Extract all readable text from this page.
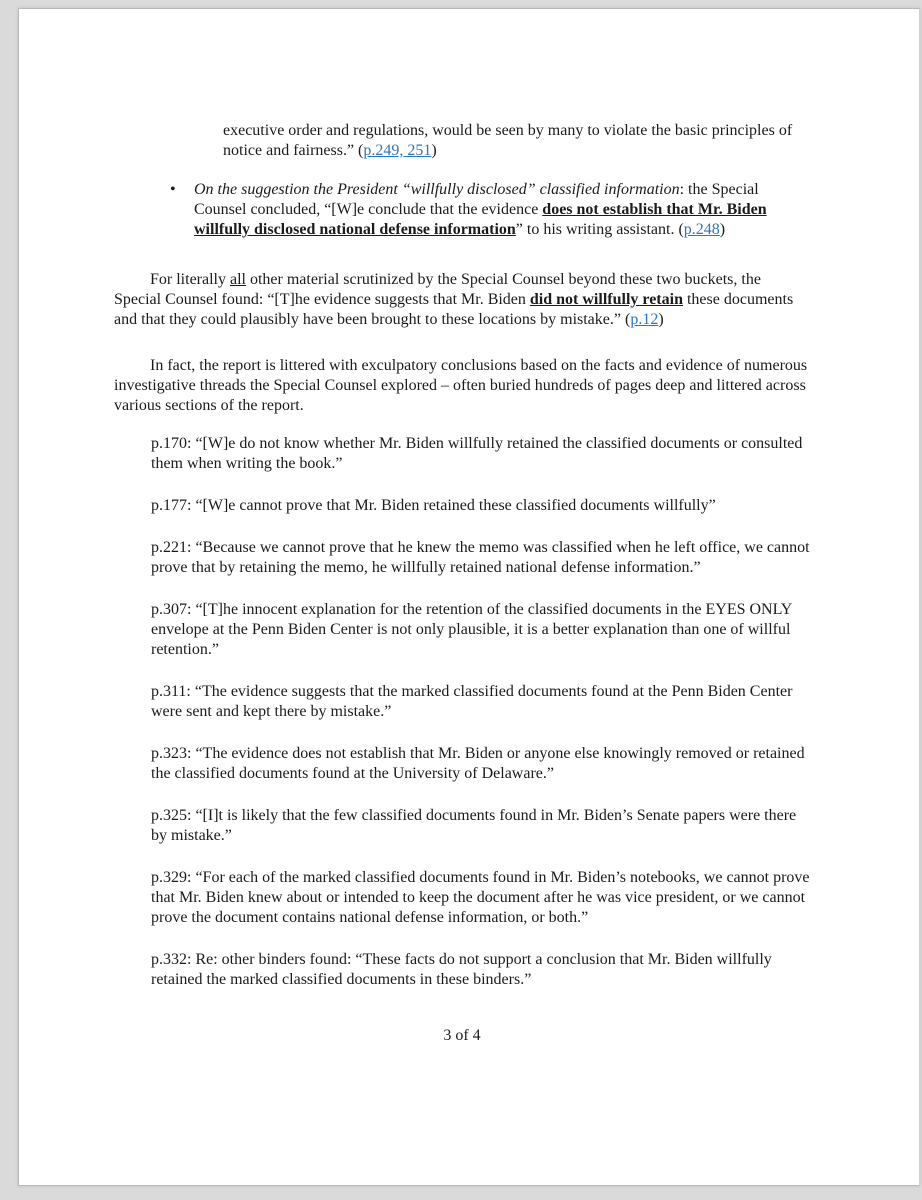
executive order and regulations, would be seen by many to violate the basic principles of notice and fairness.” (p.249, 251)

• On the suggestion the President “willfully disclosed” classified information: the Special Counsel concluded, “[W]e conclude that the evidence does not establish that Mr. Biden willfully disclosed national defense information” to his writing assistant. (p.248)

For literally all other material scrutinized by the Special Counsel beyond these two buckets, the Special Counsel found: “[T]he evidence suggests that Mr. Biden did not willfully retain these documents and that they could plausibly have been brought to these locations by mistake.” (p.12)

In fact, the report is littered with exculpatory conclusions based on the facts and evidence of numerous investigative threads the Special Counsel explored – often buried hundreds of pages deep and littered across various sections of the report.

p.170: “[W]e do not know whether Mr. Biden willfully retained the classified documents or consulted them when writing the book.”

p.177: “[W]e cannot prove that Mr. Biden retained these classified documents willfully”

p.221: “Because we cannot prove that he knew the memo was classified when he left office, we cannot prove that by retaining the memo, he willfully retained national defense information.”

p.307: “[T]he innocent explanation for the retention of the classified documents in the EYES ONLY envelope at the Penn Biden Center is not only plausible, it is a better explanation than one of willful retention.”

p.311: “The evidence suggests that the marked classified documents found at the Penn Biden Center were sent and kept there by mistake.”

p.323: “The evidence does not establish that Mr. Biden or anyone else knowingly removed or retained the classified documents found at the University of Delaware.”

p.325: “[I]t is likely that the few classified documents found in Mr. Biden’s Senate papers were there by mistake.”

p.329: “For each of the marked classified documents found in Mr. Biden’s notebooks, we cannot prove that Mr. Biden knew about or intended to keep the document after he was vice president, or we cannot prove the document contains national defense information, or both.”

p.332: Re: other binders found: “These facts do not support a conclusion that Mr. Biden willfully retained the marked classified documents in these binders.”

3 of 4
